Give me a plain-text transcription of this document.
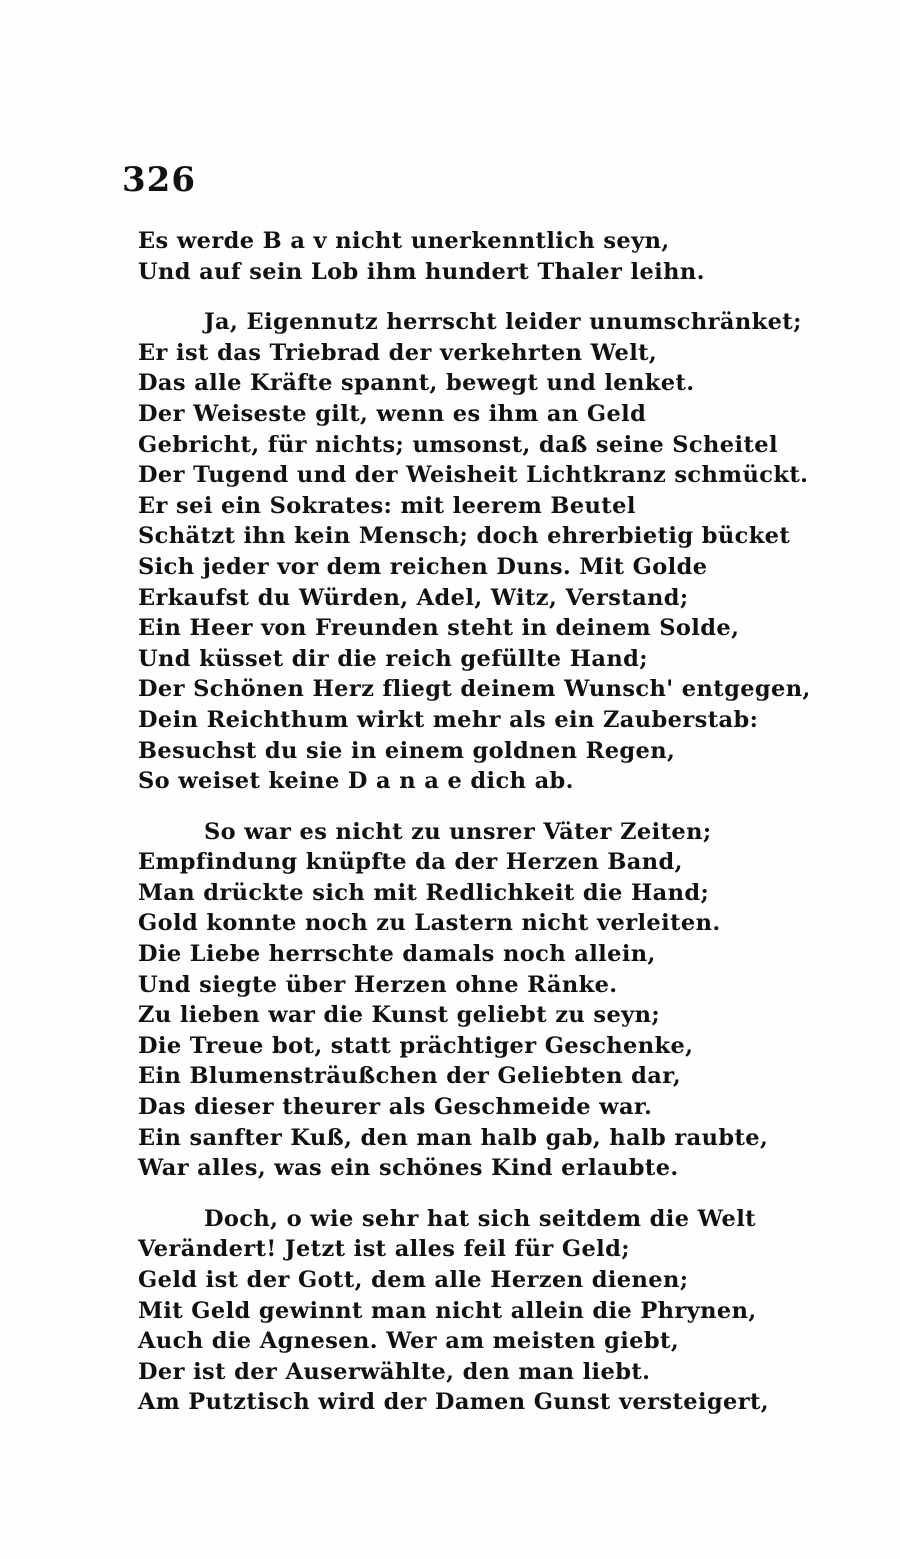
326
Es werde B a v nicht unerkenntlich seyn,
Und auf sein Lob ihm hundert Thaler leihn.
Ja, Eigennutz herrscht leider unumschränket;
Er ist das Triebrad der verkehrten Welt,
Das alle Kräfte spannt, bewegt und lenket.
Der Weiseste gilt, wenn es ihm an Geld
Gebricht, für nichts; umsonst, daß seine Scheitel
Der Tugend und der Weisheit Lichtkranz schmückt.
Er sei ein Sokrates: mit leerem Beutel
Schätzt ihn kein Mensch; doch ehrerbietig bücket
Sich jeder vor dem reichen Duns. Mit Golde
Erkaufst du Würden, Adel, Witz, Verstand;
Ein Heer von Freunden steht in deinem Solde,
Und küsset dir die reich gefüllte Hand;
Der Schönen Herz fliegt deinem Wunsch' entgegen,
Dein Reichthum wirkt mehr als ein Zauberstab:
Besuchst du sie in einem goldnen Regen,
So weiset keine D a n a e dich ab.
So war es nicht zu unsrer Väter Zeiten;
Empfindung knüpfte da der Herzen Band,
Man drückte sich mit Redlichkeit die Hand;
Gold konnte noch zu Lastern nicht verleiten.
Die Liebe herrschte damals noch allein,
Und siegte über Herzen ohne Ränke.
Zu lieben war die Kunst geliebt zu seyn;
Die Treue bot, statt prächtiger Geschenke,
Ein Blumensträußchen der Geliebten dar,
Das dieser theurer als Geschmeide war.
Ein sanfter Kuß, den man halb gab, halb raubte,
War alles, was ein schönes Kind erlaubte.
Doch, o wie sehr hat sich seitdem die Welt
Verändert! Jetzt ist alles feil für Geld;
Geld ist der Gott, dem alle Herzen dienen;
Mit Geld gewinnt man nicht allein die Phrynen,
Auch die Agnesen. Wer am meisten giebt,
Der ist der Auserwählte, den man liebt.
Am Putztisch wird der Damen Gunst versteigert,
